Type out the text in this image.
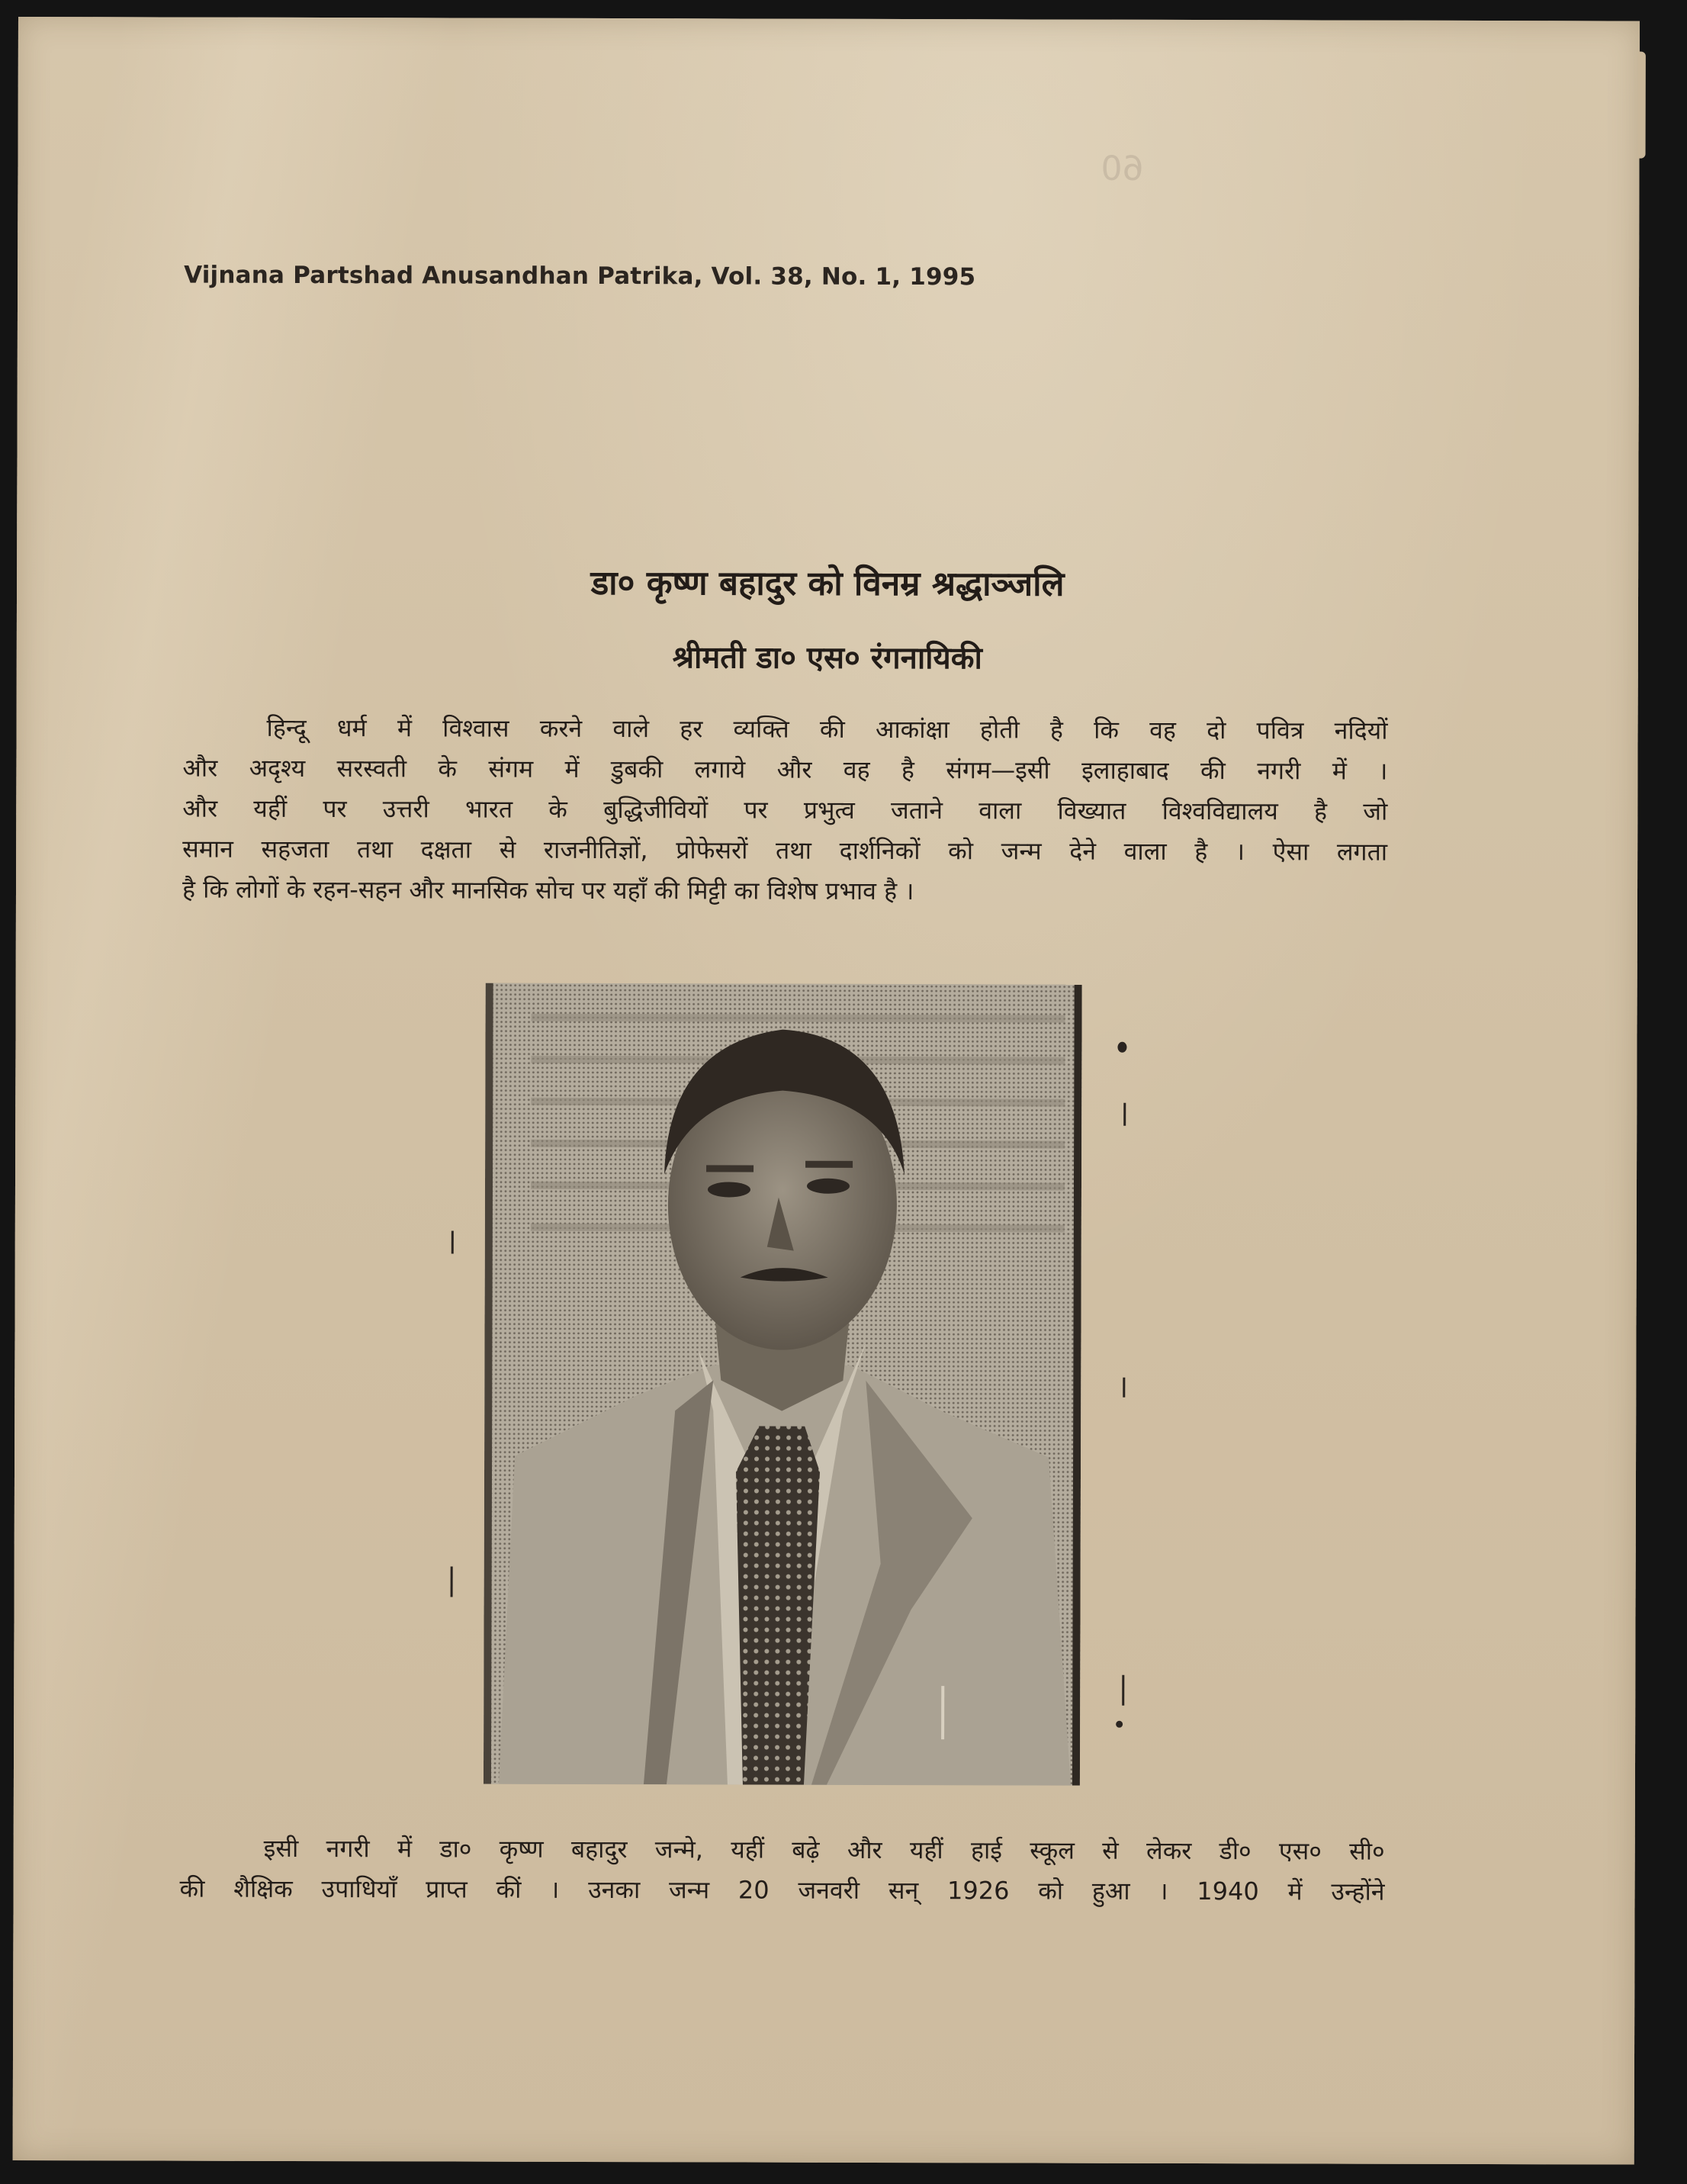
60
Vijnana Partshad Anusandhan Patrika, Vol. 38, No. 1, 1995
डा० कृष्ण बहादुर को विनम्र श्रद्धाञ्जलि
श्रीमती डा० एस० रंगनायिकी
हिन्दू धर्म में विश्वास करने वाले हर व्यक्ति की आकांक्षा होती है कि वह दो पवित्र नदियों
और अदृश्य सरस्वती के संगम में डुबकी लगाये और वह है संगम—इसी इलाहाबाद की नगरी में ।
और यहीं पर उत्तरी भारत के बुद्धिजीवियों पर प्रभुत्व जताने वाला विख्यात विश्वविद्यालय है जो
समान सहजता तथा दक्षता से राजनीतिज्ञों, प्रोफेसरों तथा दार्शनिकों को जन्म देने वाला है । ऐसा लगता
है कि लोगों के रहन-सहन और मानसिक सोच पर यहाँ की मिट्टी का विशेष प्रभाव है ।
इसी नगरी में डा० कृष्ण बहादुर जन्मे, यहीं बढ़े और यहीं हाई स्कूल से लेकर डी० एस० सी०
की शैक्षिक उपाधियाँ प्राप्त कीं । उनका जन्म 20 जनवरी सन् 1926 को हुआ । 1940 में उन्होंने
